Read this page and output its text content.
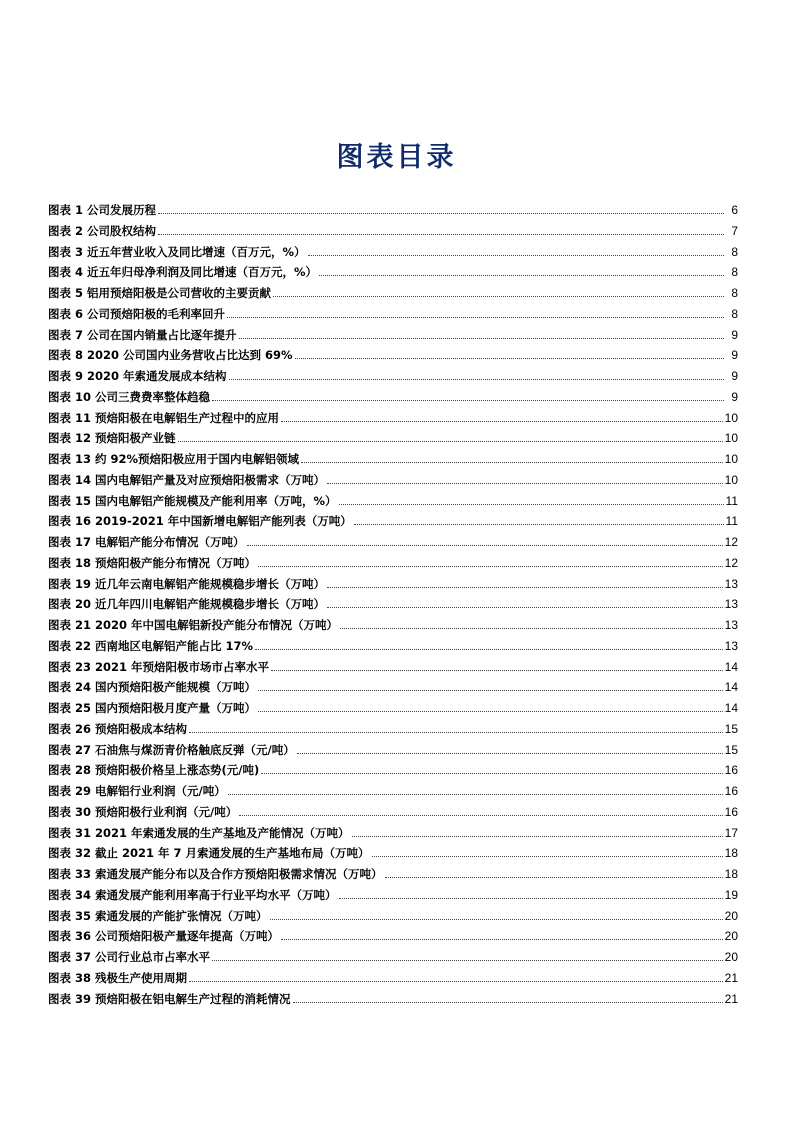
图表目录
图表 1 公司发展历程	6
图表 2 公司股权结构	7
图表 3 近五年营业收入及同比增速（百万元，%）	8
图表 4 近五年归母净利润及同比增速（百万元，%）	8
图表 5 铝用预焙阳极是公司营收的主要贡献	8
图表 6 公司预焙阳极的毛利率回升	8
图表 7 公司在国内销量占比逐年提升	9
图表 8 2020 公司国内业务营收占比达到 69%	9
图表 9 2020 年索通发展成本结构	9
图表 10 公司三费费率整体趋稳	9
图表 11 预焙阳极在电解铝生产过程中的应用	10
图表 12 预焙阳极产业链	10
图表 13 约 92%预焙阳极应用于国内电解铝领域	10
图表 14 国内电解铝产量及对应预焙阳极需求（万吨）	10
图表 15 国内电解铝产能规模及产能利用率（万吨，%）	11
图表 16 2019-2021 年中国新增电解铝产能列表（万吨）	11
图表 17 电解铝产能分布情况（万吨）	12
图表 18 预焙阳极产能分布情况（万吨）	12
图表 19 近几年云南电解铝产能规模稳步增长（万吨）	13
图表 20 近几年四川电解铝产能规模稳步增长（万吨）	13
图表 21 2020 年中国电解铝新投产能分布情况（万吨）	13
图表 22 西南地区电解铝产能占比 17%	13
图表 23 2021 年预焙阳极市场市占率水平	14
图表 24 国内预焙阳极产能规模（万吨）	14
图表 25 国内预焙阳极月度产量（万吨）	14
图表 26 预焙阳极成本结构	15
图表 27 石油焦与煤沥青价格触底反弹（元/吨）	15
图表 28 预焙阳极价格呈上涨态势(元/吨)	16
图表 29 电解铝行业利润（元/吨）	16
图表 30 预焙阳极行业利润（元/吨）	16
图表 31 2021 年索通发展的生产基地及产能情况（万吨）	17
图表 32 截止 2021 年 7 月索通发展的生产基地布局（万吨）	18
图表 33 索通发展产能分布以及合作方预焙阳极需求情况（万吨）	18
图表 34 索通发展产能利用率高于行业平均水平（万吨）	19
图表 35 索通发展的产能扩张情况（万吨）	20
图表 36 公司预焙阳极产量逐年提高（万吨）	20
图表 37 公司行业总市占率水平	20
图表 38 残极生产使用周期	21
图表 39 预焙阳极在铝电解生产过程的消耗情况	21
